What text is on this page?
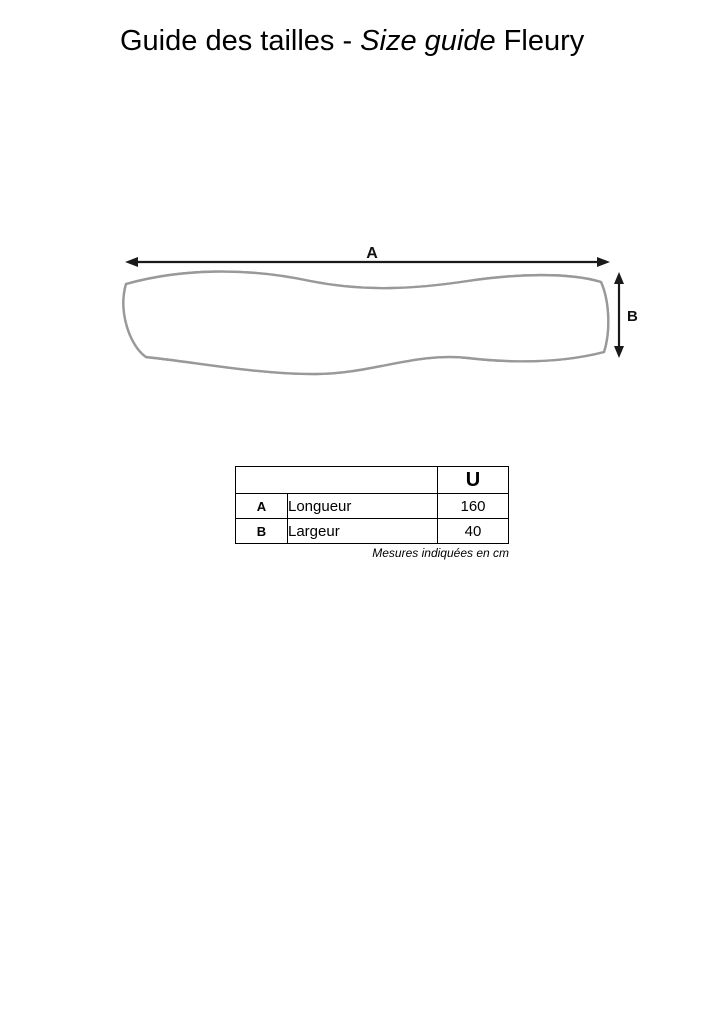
Guide des tailles - Size guide Fleury
A
B
		U
A	Longueur	160
B	Largeur	40
Mesures indiquées en cm
